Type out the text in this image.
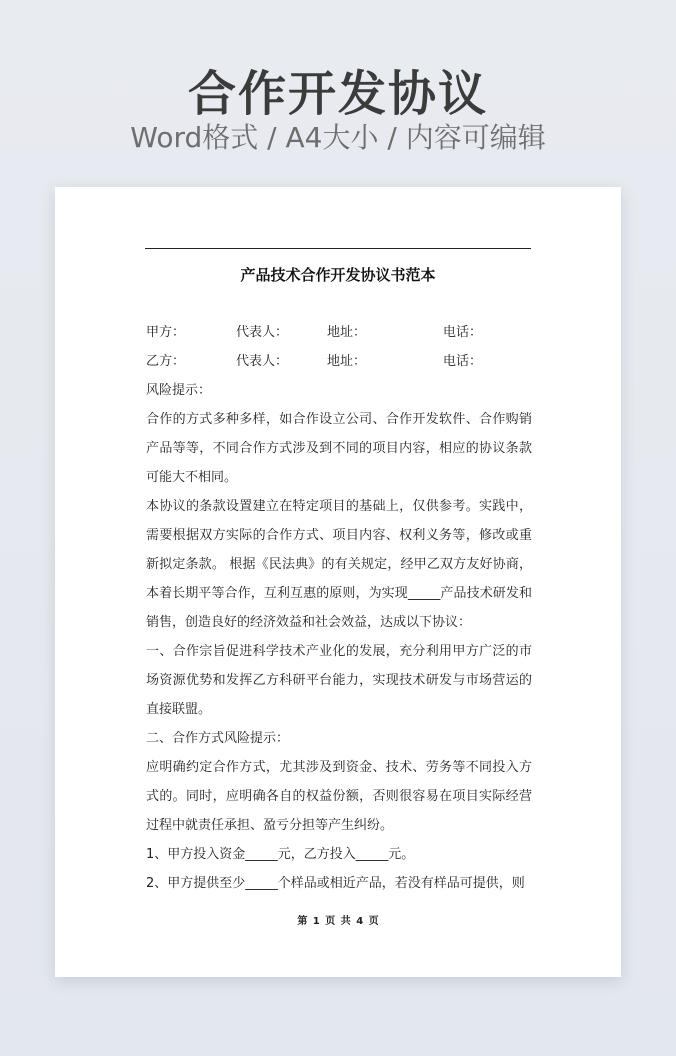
合作开发协议
Word格式 / A4大小 / 内容可编辑
产品技术合作开发协议书范本
甲方：	代表人：	地址：	电话：
乙方：	代表人：	地址：	电话：

风险提示：

合作的方式多种多样，如合作设立公司、合作开发软件、合作购销产品等等，不同合作方式涉及到不同的项目内容，相应的协议条款可能大不相同。

本协议的条款设置建立在特定项目的基础上，仅供参考。实践中，需要根据双方实际的合作方式、项目内容、权利义务等，修改或重新拟定条款。 根据《民法典》的有关规定，经甲乙双方友好协商，本着长期平等合作，互利互惠的原则，为实现_____产品技术研发和销售，创造良好的经济效益和社会效益，达成以下协议：

一、合作宗旨促进科学技术产业化的发展，充分利用甲方广泛的市场资源优势和发挥乙方科研平台能力，实现技术研发与市场营运的直接联盟。

二、合作方式风险提示：

应明确约定合作方式，尤其涉及到资金、技术、劳务等不同投入方式的。同时，应明确各自的权益份额，否则很容易在项目实际经营过程中就责任承担、盈亏分担等产生纠纷。

1、甲方投入资金_____元，乙方投入_____元。

2、甲方提供至少_____个样品或相近产品，若没有样品可提供，则

第 1 页 共 4 页
